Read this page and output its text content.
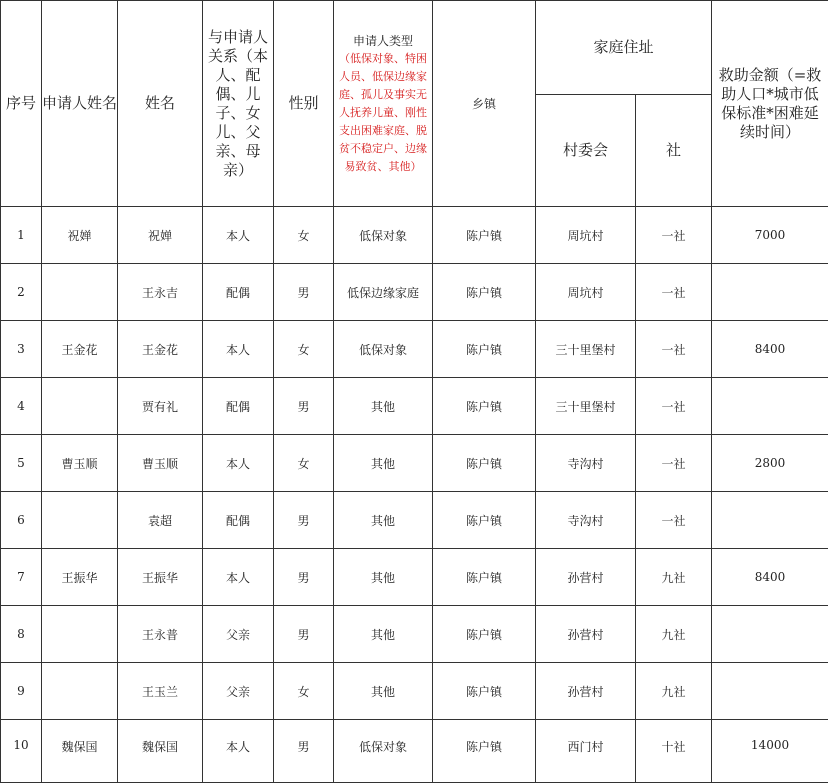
序号	申请人姓名	姓名	与申请人关系（本人、配偶、儿子、女儿、父亲、母亲）	性别	申请人类型
（低保对象、特困人员、低保边缘家庭、孤儿及事实无人抚养儿童、刚性支出困难家庭、脱贫不稳定户、边缘易致贫、其他）	乡镇	家庭住址		救助金额（=救助人口*城市低保标准*困难延续时间）
							村委会	社	
1	祝婵	祝婵	本人	女	低保对象	陈户镇	周坑村	一社	7000
2		王永吉	配偶	男	低保边缘家庭	陈户镇	周坑村	一社	
3	王金花	王金花	本人	女	低保对象	陈户镇	三十里堡村	一社	8400
4		贾有礼	配偶	男	其他	陈户镇	三十里堡村	一社	
5	曹玉顺	曹玉顺	本人	女	其他	陈户镇	寺沟村	一社	2800
6		袁超	配偶	男	其他	陈户镇	寺沟村	一社	
7	王振华	王振华	本人	男	其他	陈户镇	孙营村	九社	8400
8		王永普	父亲	男	其他	陈户镇	孙营村	九社	
9		王玉兰	父亲	女	其他	陈户镇	孙营村	九社	
10	魏保国	魏保国	本人	男	低保对象	陈户镇	西门村	十社	14000
